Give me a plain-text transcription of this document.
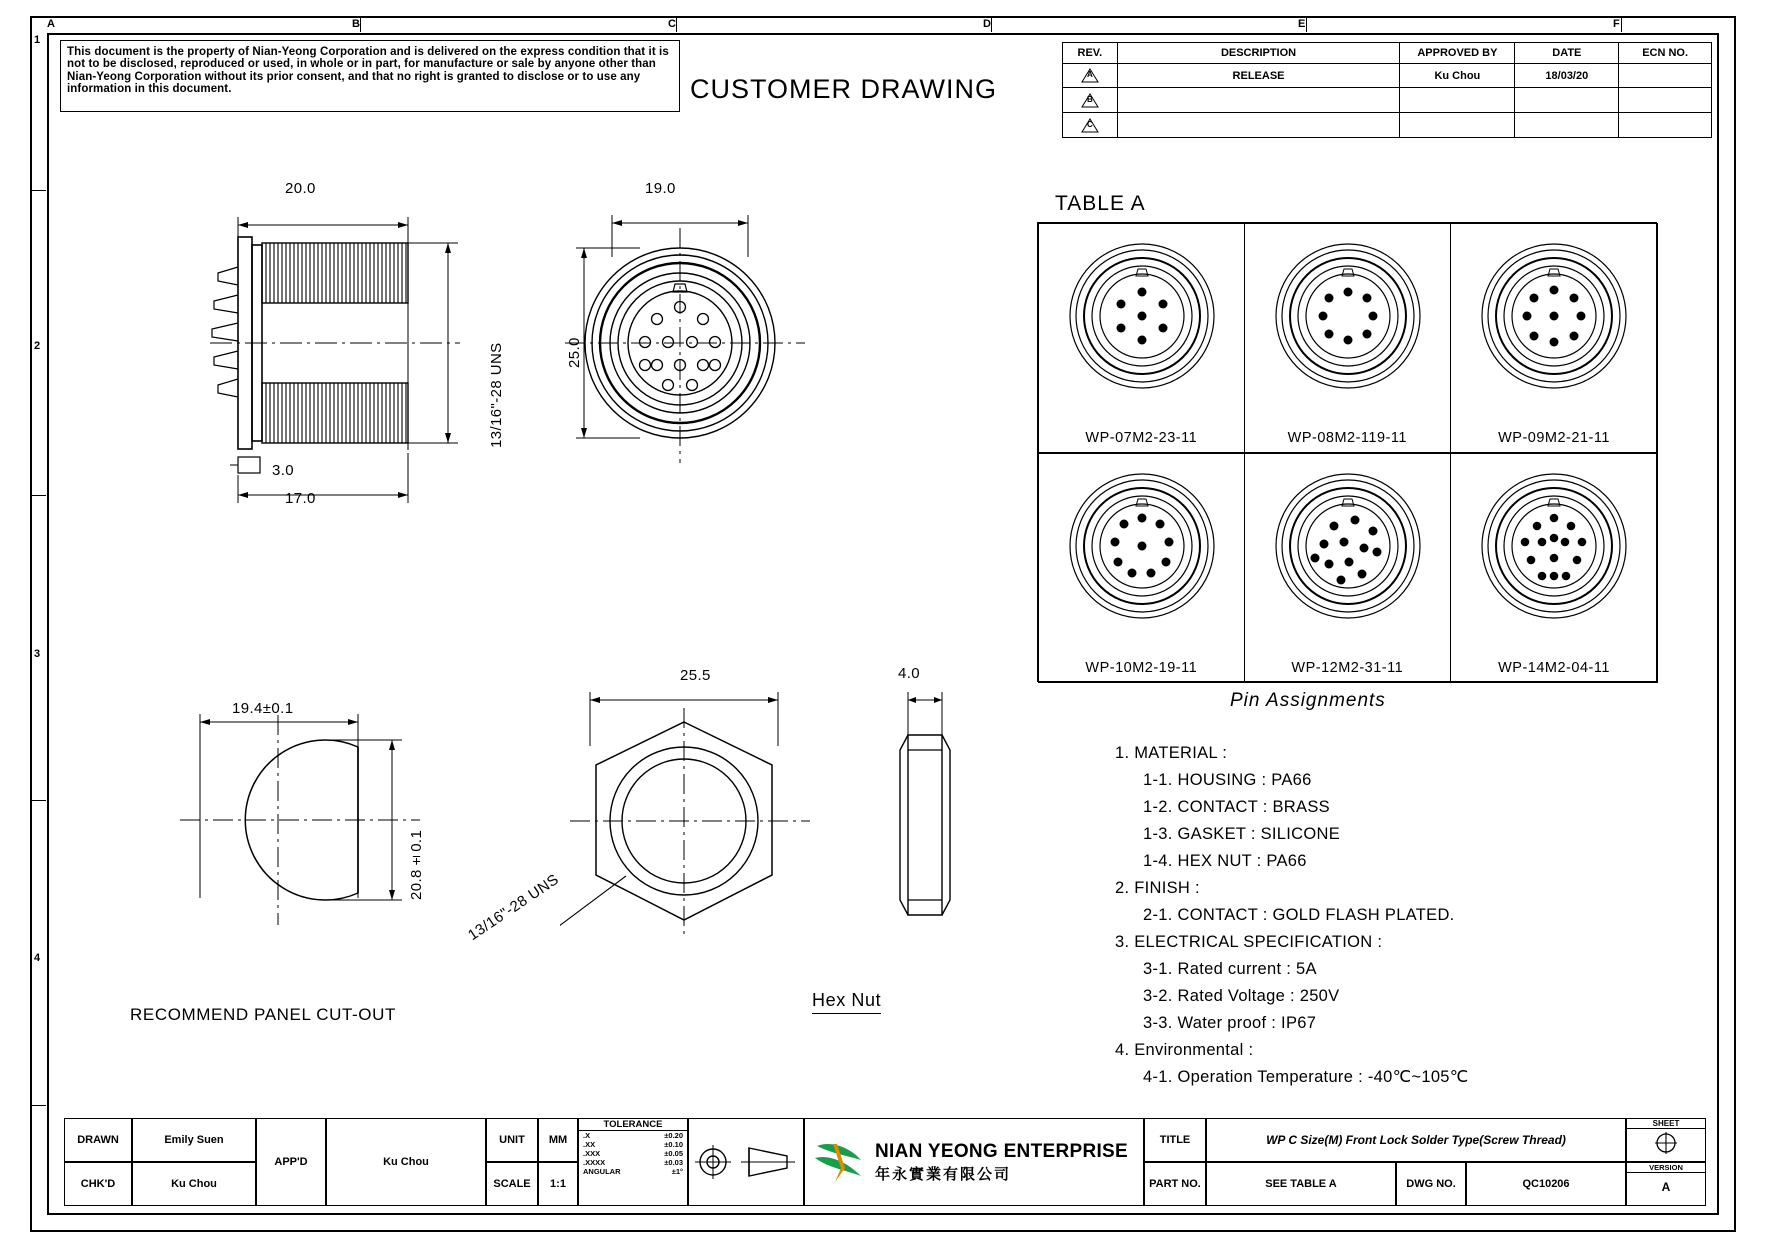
A	B	C	D	E	F
1
2
3
4
This document is the property of Nian-Yeong Corporation and is delivered on the express condition that it is not to be disclosed, reproduced or used, in whole or in part, for manufacture or sale by anyone other than Nian-Yeong Corporation without its prior consent, and that no right is granted to disclose or to use any information in this document.	CUSTOMER DRAWING
REV.	DESCRIPTION	APPROVED BY	DATE	ECN NO.

A	RELEASE	Ku Chou	18/03/20	

B				

C				

20.0
3.0
17.0
13/16"-28 UNS
19.0
25.0
19.4±0.1
20.8±0.1
RECOMMEND PANEL CUT-OUT
25.5
13/16"-28 UNS
Hex Nut
4.0
TABLE A
WP-07M2-23-11	WP-08M2-119-11	WP-09M2-21-11
WP-10M2-19-11	WP-12M2-31-11	WP-14M2-04-11
Pin Assignments
1. MATERIAL :
1-1. HOUSING : PA66
1-2. CONTACT : BRASS
1-3. GASKET : SILICONE
1-4. HEX NUT : PA66
2. FINISH :
2-1. CONTACT : GOLD FLASH PLATED.
3. ELECTRICAL SPECIFICATION :
3-1. Rated current : 5A
3-2. Rated Voltage : 250V
3-3. Water proof : IP67
4. Environmental :
4-1. Operation Temperature : -40℃~105℃
DRAWN	Emily Suen
CHK'D	Ku Chou
APP'D	Ku Chou
UNIT	MM
SCALE	1:1
TOLERANCE
.X	±0.20
.XX	±0.10
.XXX	±0.05
.XXXX	±0.03
ANGULAR	±1°
NIAN YEONG ENTERPRISE
年永實業有限公司
TITLE	WP C Size(M) Front Lock Solder Type(Screw Thread)
PART NO.	SEE TABLE A	DWG NO.	QC10206
SHEET
VERSION
A
